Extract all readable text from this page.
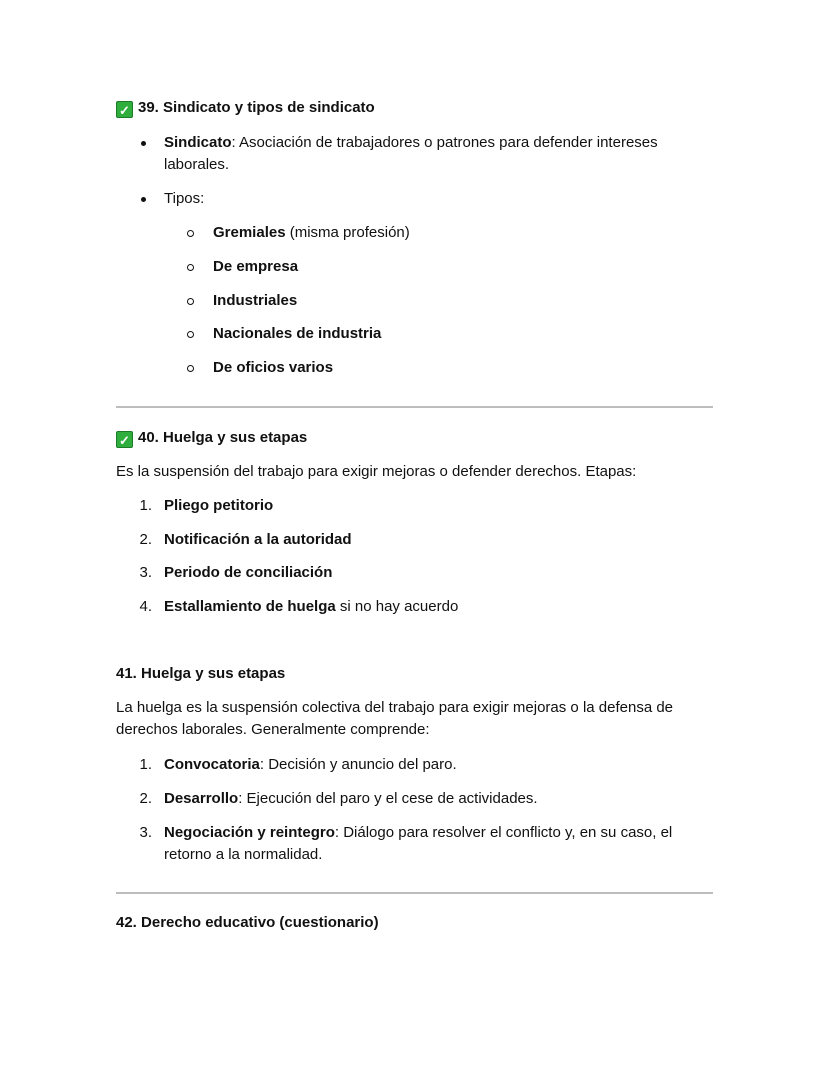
✓ 39. Sindicato y tipos de sindicato
Sindicato: Asociación de trabajadores o patrones para defender intereses
laborales.
Tipos:
Gremiales (misma profesión)
De empresa
Industriales
Nacionales de industria
De oficios varios
✓ 40. Huelga y sus etapas
Es la suspensión del trabajo para exigir mejoras o defender derechos. Etapas:
1. Pliego petitorio
2. Notificación a la autoridad
3. Periodo de conciliación
4. Estallamiento de huelga si no hay acuerdo
41. Huelga y sus etapas
La huelga es la suspensión colectiva del trabajo para exigir mejoras o la defensa de
derechos laborales. Generalmente comprende:
1. Convocatoria: Decisión y anuncio del paro.
2. Desarrollo: Ejecución del paro y el cese de actividades.
3. Negociación y reintegro: Diálogo para resolver el conflicto y, en su caso, el
retorno a la normalidad.
42. Derecho educativo (cuestionario)
